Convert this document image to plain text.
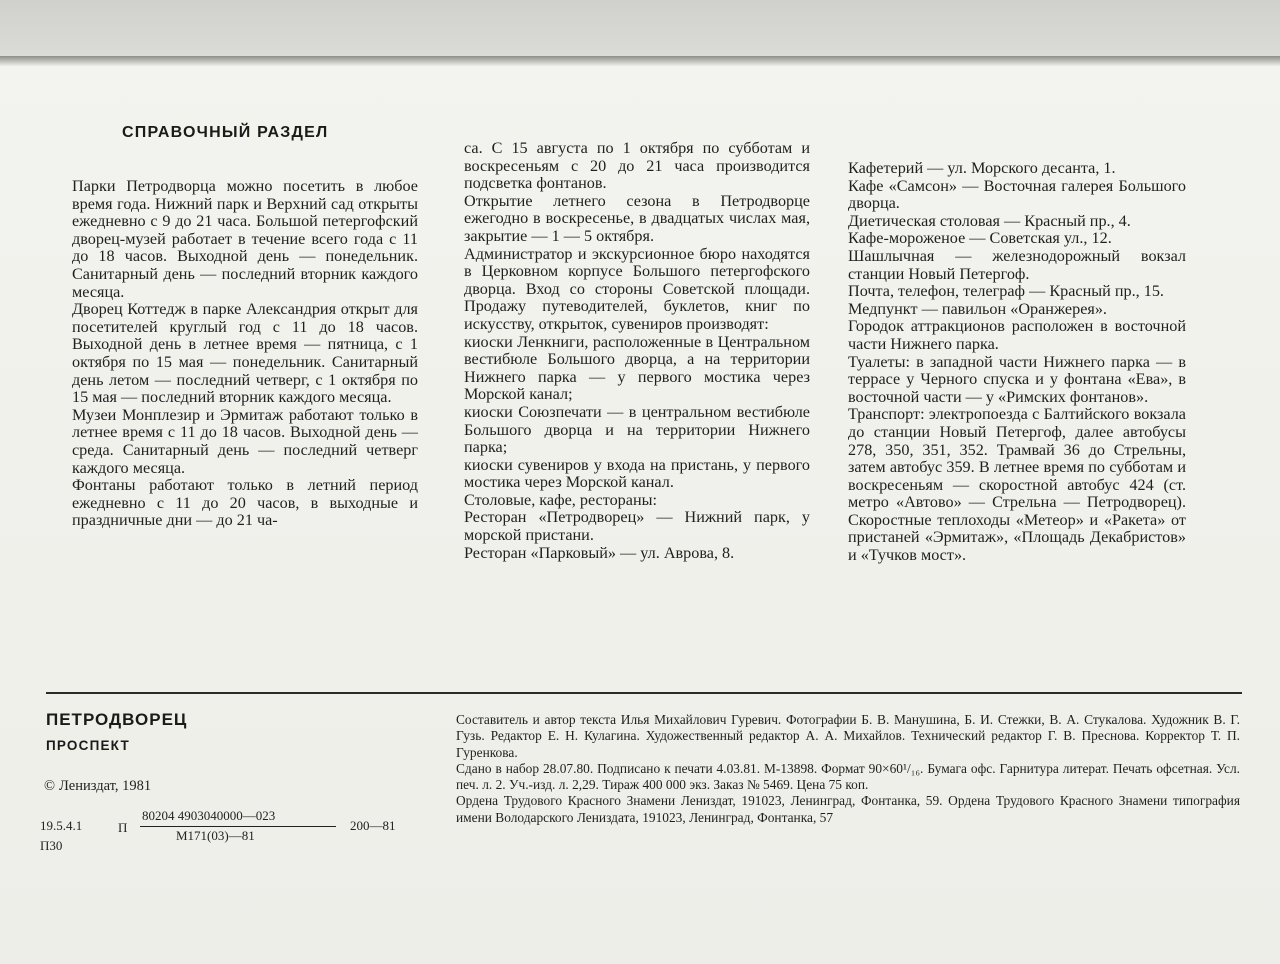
СПРАВОЧНЫЙ РАЗДЕЛ

Парки Петродворца можно посетить в любое время года. Нижний парк и Верхний сад открыты ежедневно с 9 до 21 часа. Большой петергофский дворец-музей работает в течение всего года с 11 до 18 часов. Выходной день — понедельник. Санитарный день — последний вторник каждого месяца.

Дворец Коттедж в парке Александрия открыт для посетителей круглый год с 11 до 18 часов. Выходной день в летнее время — пятница, с 1 октября по 15 мая — понедельник. Санитарный день летом — последний четверг, с 1 октября по 15 мая — последний вторник каждого месяца.

Музеи Монплезир и Эрмитаж работают только в летнее время с 11 до 18 часов. Выходной день — среда. Санитарный день — последний четверг каждого месяца.

Фонтаны работают только в летний период ежедневно с 11 до 20 часов, в выходные и праздничные дни — до 21 ча-

са. С 15 августа по 1 октября по субботам и воскресеньям с 20 до 21 часа производится подсветка фонтанов.

Открытие летнего сезона в Петродворце ежегодно в воскресенье, в двадцатых числах мая, закрытие — 1 — 5 октября.

Администратор и экскурсионное бюро находятся в Церковном корпусе Большого петергофского дворца. Вход со стороны Советской площади. Продажу путеводителей, буклетов, книг по искусству, открыток, сувениров производят:

киоски Ленкниги, расположенные в Центральном вестибюле Большого дворца, а на территории Нижнего парка — у первого мостика через Морской канал;

киоски Союзпечати — в центральном вестибюле Большого дворца и на территории Нижнего парка;

киоски сувениров у входа на пристань, у первого мостика через Морской канал.

Столовые, кафе, рестораны:

Ресторан «Петродворец» — Нижний парк, у морской пристани.

Ресторан «Парковый» — ул. Аврова, 8.

Кафетерий — ул. Морского десанта, 1.

Кафе «Самсон» — Восточная галерея Большого дворца.

Диетическая столовая — Красный пр., 4.

Кафе-мороженое — Советская ул., 12.

Шашлычная — железнодорожный вокзал станции Новый Петергоф.

Почта, телефон, телеграф — Красный пр., 15.

Медпункт — павильон «Оранжерея».

Городок аттракционов расположен в восточной части Нижнего парка.

Туалеты: в западной части Нижнего парка — в террасе у Черного спуска и у фонтана «Ева», в восточной части — у «Римских фонтанов».

Транспорт: электропоезда с Балтийского вокзала до станции Новый Петергоф, далее автобусы 278, 350, 351, 352. Трамвай 36 до Стрельны, затем автобус 359. В летнее время по субботам и воскресеньям — скоростной автобус 424 (ст. метро «Автово» — Стрельна — Петродворец). Скоростные теплоходы «Метеор» и «Ракета» от пристаней «Эрмитаж», «Площадь Декабристов» и «Тучков мост».

ПЕТРОДВОРЕЦ
ПРОСПЕКТ
© Лениздат, 1981
19.5.4.1
П30
П
80204 4903040000—023
М171(03)—81
200—81

Составитель и автор текста Илья Михайлович Гуревич. Фотографии Б. В. Манушина, Б. И. Стежки, В. А. Стукалова. Художник В. Г. Гузь. Редактор Е. Н. Кулагина. Художественный редактор А. А. Михайлов. Технический редактор Г. В. Преснова. Корректор Т. П. Гуренкова.

Сдано в набор 28.07.80. Подписано к печати 4.03.81. М-13898. Формат 90×60¹/₁₆. Бумага офс. Гарнитура литерат. Печать офсетная. Усл. печ. л. 2. Уч.-изд. л. 2,29. Тираж 400 000 экз. Заказ № 5469. Цена 75 коп.

Ордена Трудового Красного Знамени Лениздат, 191023, Ленинград, Фонтанка, 59. Ордена Трудового Красного Знамени типография имени Володарского Лениздата, 191023, Ленинград, Фонтанка, 57
